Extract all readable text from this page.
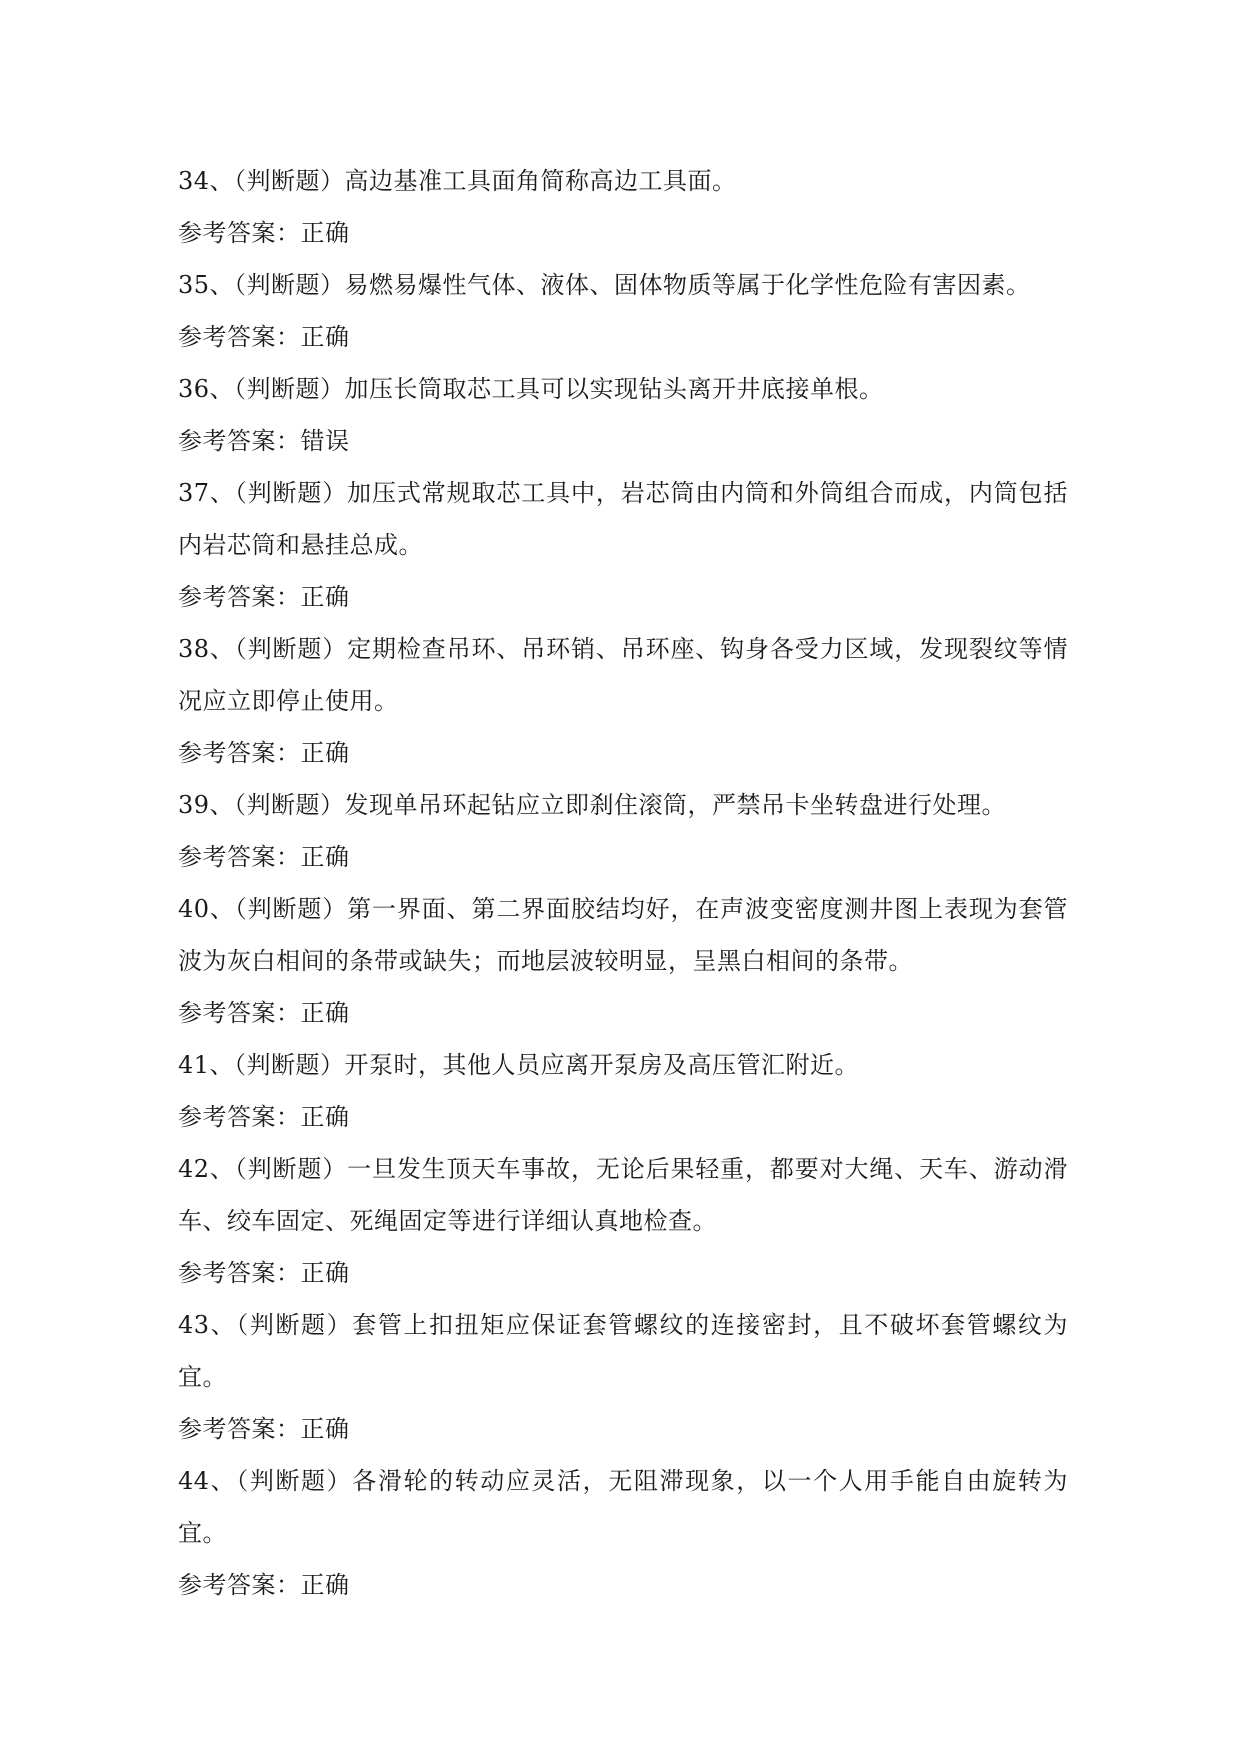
34、（判断题）高边基准工具面角简称高边工具面。

参考答案：正确

35、（判断题）易燃易爆性气体、液体、固体物质等属于化学性危险有害因素。

参考答案：正确

36、（判断题）加压长筒取芯工具可以实现钻头离开井底接单根。

参考答案：错误

37、（判断题）加压式常规取芯工具中，岩芯筒由内筒和外筒组合而成，内筒包括内岩芯筒和悬挂总成。

参考答案：正确

38、（判断题）定期检查吊环、吊环销、吊环座、钩身各受力区域，发现裂纹等情况应立即停止使用。

参考答案：正确

39、（判断题）发现单吊环起钻应立即刹住滚筒，严禁吊卡坐转盘进行处理。

参考答案：正确

40、（判断题）第一界面、第二界面胶结均好，在声波变密度测井图上表现为套管波为灰白相间的条带或缺失；而地层波较明显，呈黑白相间的条带。

参考答案：正确

41、（判断题）开泵时，其他人员应离开泵房及高压管汇附近。

参考答案：正确

42、（判断题）一旦发生顶天车事故，无论后果轻重，都要对大绳、天车、游动滑车、绞车固定、死绳固定等进行详细认真地检查。

参考答案：正确

43、（判断题）套管上扣扭矩应保证套管螺纹的连接密封，且不破坏套管螺纹为宜。

参考答案：正确

44、（判断题）各滑轮的转动应灵活，无阻滞现象，以一个人用手能自由旋转为宜。

参考答案：正确
